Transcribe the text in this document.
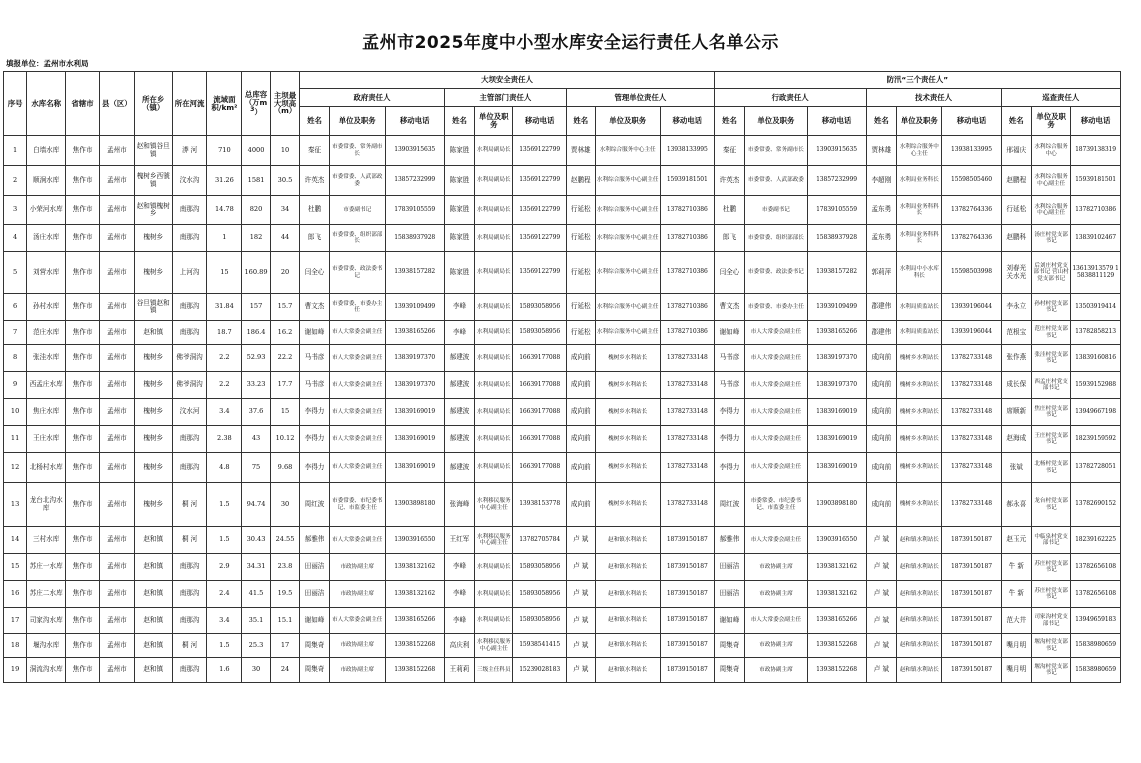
孟州市2025年度中小型水库安全运行责任人名单公示
填报单位：孟州市水利局
序号	水库名称	省辖市	县（区）	所在乡（镇）	所在河流	流域面积/km²	总库容（万$m^3$）	主坝最大坝高（m）	大坝安全责任人									防汛“三个责任人”								
									政府责任人			主管部门责任人			管理单位责任人			行政责任人			技术责任人			巡查责任人		
									姓名	单位及职务	移动电话	姓名	单位及职务	移动电话	姓名	单位及职务	移动电话	姓名	单位及职务	移动电话	姓名	单位及职务	移动电话	姓名	单位及职务	移动电话
1	白墙水库	焦作市	孟州市	赵和镇谷旦镇	漭 河	710	4000	10	秦征	市委常委、常务副市长	13903915635	陈家胜	水利局副局长	13569122799	贾林雄	水利综合服务中心主任	13938133995	秦征	市委常委、常务副市长	13903915635	贾林雄	水利综合服务中心主任	13938133995	邢福庆	水利综合服务中心	18739138319
2	顺涧水库	焦作市	孟州市	槐树乡西虢镇	汶水沟	31.26	1581	30.5	许英杰	市委常委、人武部政委	13857232999	陈家胜	水利局副局长	13569122799	赵鹏程	水利综合服务中心副主任	15939181501	许英杰	市委常委、人武部政委	13857232999	李超刚	水利局业务科长	15598505460	赵鹏程	水利综合服务中心副主任	15939181501
3	小荣河水库	焦作市	孟州市	赵和镇槐树乡	南那沟	14.78	820	34	杜鹏	市委副书记	17839105559	陈家胜	水利局副局长	13569122799	行延松	水利综合服务中心副主任	13782710386	杜鹏	市委副书记	17839105559	孟东勇	水利局业务科科长	13782764336	行延松	水利综合服务中心副主任	13782710386
4	汤庄水库	焦作市	孟州市	槐树乡	南那沟	1	182	44	郎飞	市委常委、组织部部长	15838937928	陈家胜	水利局副局长	13569122799	行延松	水利综合服务中心副主任	13782710386	郎飞	市委常委、组织部部长	15838937928	孟东勇	水利局业务科科长	13782764336	赵鹏科	汤庄村党支部书记	13839102467
5	刘营水库	焦作市	孟州市	槐树乡	上河沟	15	160.89	20	闫全心	市委常委、政法委书记	13938157282	陈家胜	水利局副局长	13569122799	行延松	水利综合服务中心副主任	13782710386	闫全心	市委常委、政法委书记	13938157282	郭莉萍	水利局中小水库科长	15598503998	刘春光 关水光	后刘庄村党支部书记 营山村党支部书记	13613913579 15838811129
6	孙村水库	焦作市	孟州市	谷旦镇赵和镇	南那沟	31.84	157	15.7	曹文杰	市委常委、市委办主任	13939109499	李峰	水利局副局长	15893058956	行延松	水利综合服务中心副主任	13782710386	曹文杰	市委常委、市委办主任	13939109499	郡建伟	水利局质监站长	13939196044	李永立	孙村村党支部书记	13503919414
7	范庄水库	焦作市	孟州市	赵和镇	南那沟	18.7	186.4	16.2	谢如峰	市人大常委会副主任	13938165266	李峰	水利局副局长	15893058956	行延松	水利综合服务中心副主任	13782710386	谢如峰	市人大常委会副主任	13938165266	郡建伟	水利局质监站长	13939196044	范根宝	范庄村党支部书记	13782858213
8	张洼水库	焦作市	孟州市	槐树乡	佛爷洞沟	2.2	52.93	22.2	马书彦	市人大常委会副主任	13839197370	郝建波	水利局副局长	16639177088	成向前	槐树乡水利站长	13782733148	马书彦	市人大常委会副主任	13839197370	成向前	槐树乡水利站长	13782733148	张作燕	张洼村党支部书记	13839160816
9	西孟庄水库	焦作市	孟州市	槐树乡	佛爷洞沟	2.2	33.23	17.7	马书彦	市人大常委会副主任	13839197370	郝建波	水利局副局长	16639177088	成向前	槐树乡水利站长	13782733148	马书彦	市人大常委会副主任	13839197370	成向前	槐树乡水利站长	13782733148	成长保	西孟庄村党支部书记	15939152988
10	焦庄水库	焦作市	孟州市	槐树乡	汶水河	3.4	37.6	15	李得力	市人大常委会副主任	13839169019	郝建波	水利局副局长	16639177088	成向前	槐树乡水利站长	13782733148	李得力	市人大常委会副主任	13839169019	成向前	槐树乡水利站长	13782733148	席顺新	焦庄村党支部书记	13949667198
11	王庄水库	焦作市	孟州市	槐树乡	南那沟	2.38	43	10.12	李得力	市人大常委会副主任	13839169019	郝建波	水利局副局长	16639177088	成向前	槐树乡水利站长	13782733148	李得力	市人大常委会副主任	13839169019	成向前	槐树乡水利站长	13782733148	赵海成	王庄村党支部书记	18239159592
12	北杨村水库	焦作市	孟州市	槐树乡	南那沟	4.8	75	9.68	李得力	市人大常委会副主任	13839169019	郝建波	水利局副局长	16639177088	成向前	槐树乡水利站长	13782733148	李得力	市人大常委会副主任	13839169019	成向前	槐树乡水利站长	13782733148	张斌	北杨村党支部书记	13782728051
13	龙台北沟水库	焦作市	孟州市	槐树乡	桐 河	1.5	94.74	30	周红波	市委常委、市纪委书记、市监委主任	13903898180	张海峰	水利移民服务中心副主任	13938153778	成向前	槐树乡水利站长	13782733148	周红波	市委常委、市纪委书记、市监委主任	13903898180	成向前	槐树乡水利站长	13782733148	郝永喜	龙台村党支部书记	13782690152
14	三村水库	焦作市	孟州市	赵和镇	桐 河	1.5	30.43	24.55	郝雅伟	市人大常委会副主任	13903916550	王红军	水利移民服务中心副主任	13782705784	卢 斌	赵和镇水利站长	18739150187	郝雅伟	市人大常委会副主任	13903916550	卢 斌	赵和镇水利站长	18739150187	赵玉元	中临泉村党支部书记	18239162225
15	苏庄一水库	焦作市	孟州市	赵和镇	南那沟	2.9	34.31	23.8	田丽洁	市政协副主席	13938132162	李峰	水利局副局长	15893058956	卢 斌	赵和镇水利站长	18739150187	田丽洁	市政协副主席	13938132162	卢 斌	赵和镇水利站长	18739150187	牛 新	苏庄村党支部书记	13782656108
16	苏庄二水库	焦作市	孟州市	赵和镇	南那沟	2.4	41.5	19.5	田丽洁	市政协副主席	13938132162	李峰	水利局副局长	15893058956	卢 斌	赵和镇水利站长	18739150187	田丽洁	市政协副主席	13938132162	卢 斌	赵和镇水利站长	18739150187	牛 新	苏庄村党支部书记	13782656108
17	司家沟水库	焦作市	孟州市	赵和镇	南那沟	3.4	35.1	15.1	谢如峰	市人大常委会副主任	13938165266	李峰	水利局副局长	15893058956	卢 斌	赵和镇水利站长	18739150187	谢如峰	市人大常委会副主任	13938165266	卢 斌	赵和镇水利站长	18739150187	范大井	司家沟村党支部书记	13949659183
18	堰沟水库	焦作市	孟州市	赵和镇	桐 河	1.5	25.3	17	周集奇	市政协副主席	13938152268	高庆利	水利移民服务中心副主任	15938541415	卢 斌	赵和镇水利站长	18739150187	周集奇	市政协副主席	13938152268	卢 斌	赵和镇水利站长	18739150187	嘴月明	堰沟村党支部书记	15838980659
19	洞流沟水库	焦作市	孟州市	赵和镇	南那沟	1.6	30	24	周集奇	市政协副主席	13938152268	王莉莉	三级主任科员	15239028183	卢 斌	赵和镇水利站长	18739150187	周集奇	市政协副主席	13938152268	卢 斌	赵和镇水利站长	18739150187	嘴月明	堰沟村党支部书记	15838980659
